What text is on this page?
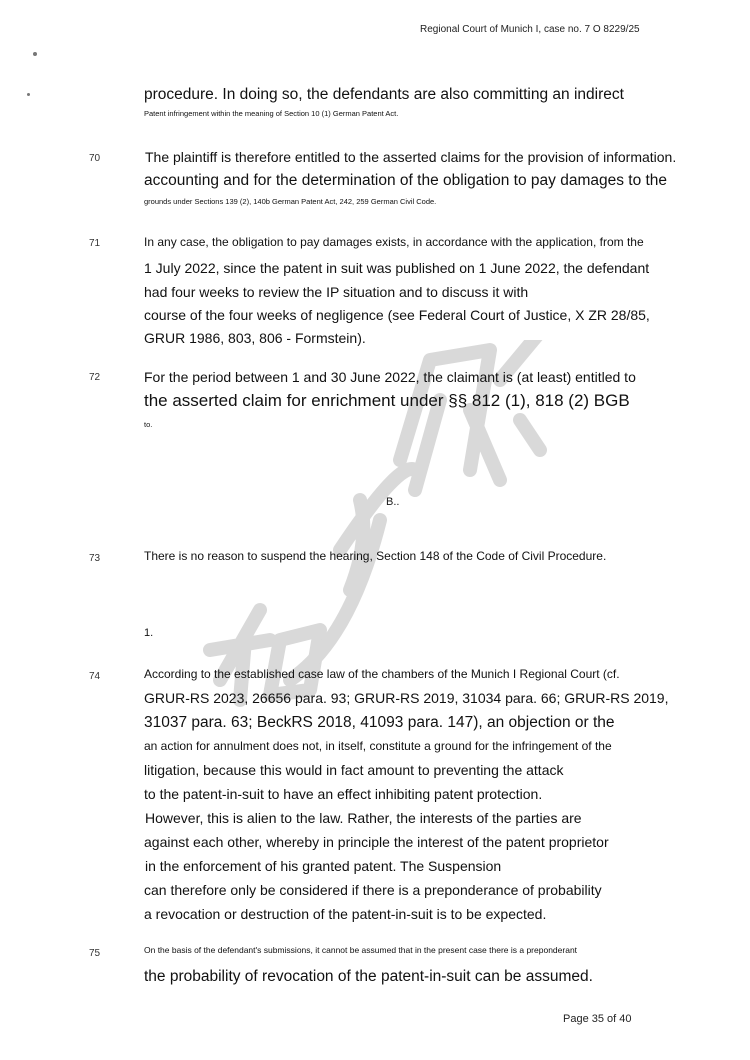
Regional Court of Munich I, case no. 7 O 8229/25
procedure. In doing so, the defendants are also committing an indirect
Patent infringement within the meaning of Section 10 (1) German Patent Act.
70	The plaintiff is therefore entitled to the asserted claims for the provision of information.
accounting and for the determination of the obligation to pay damages to the
grounds under Sections 139 (2), 140b German Patent Act, 242, 259 German Civil Code.
71	In any case, the obligation to pay damages exists, in accordance with the application, from the
1 July 2022, since the patent in suit was published on 1 June 2022, the defendant
had four weeks to review the IP situation and to discuss it with
course of the four weeks of negligence (see Federal Court of Justice, X ZR 28/85,
GRUR 1986, 803, 806 - Formstein).
72	For the period between 1 and 30 June 2022, the claimant is (at least) entitled to
the asserted claim for enrichment under §§ 812 (1), 818 (2) BGB
to.
B..
73	There is no reason to suspend the hearing, Section 148 of the Code of Civil Procedure.
1.
74	According to the established case law of the chambers of the Munich I Regional Court (cf.
GRUR-RS 2023, 26656 para. 93; GRUR-RS 2019, 31034 para. 66; GRUR-RS 2019,
31037 para. 63; BeckRS 2018, 41093 para. 147), an objection or the
an action for annulment does not, in itself, constitute a ground for the infringement of the
litigation, because this would in fact amount to preventing the attack
to the patent-in-suit to have an effect inhibiting patent protection.
However, this is alien to the law. Rather, the interests of the parties are
against each other, whereby in principle the interest of the patent proprietor
in the enforcement of his granted patent. The Suspension
can therefore only be considered if there is a preponderance of probability
a revocation or destruction of the patent-in-suit is to be expected.
75	On the basis of the defendant's submissions, it cannot be assumed that in the present case there is a preponderant
the probability of revocation of the patent-in-suit can be assumed.
Page 35 of 40
